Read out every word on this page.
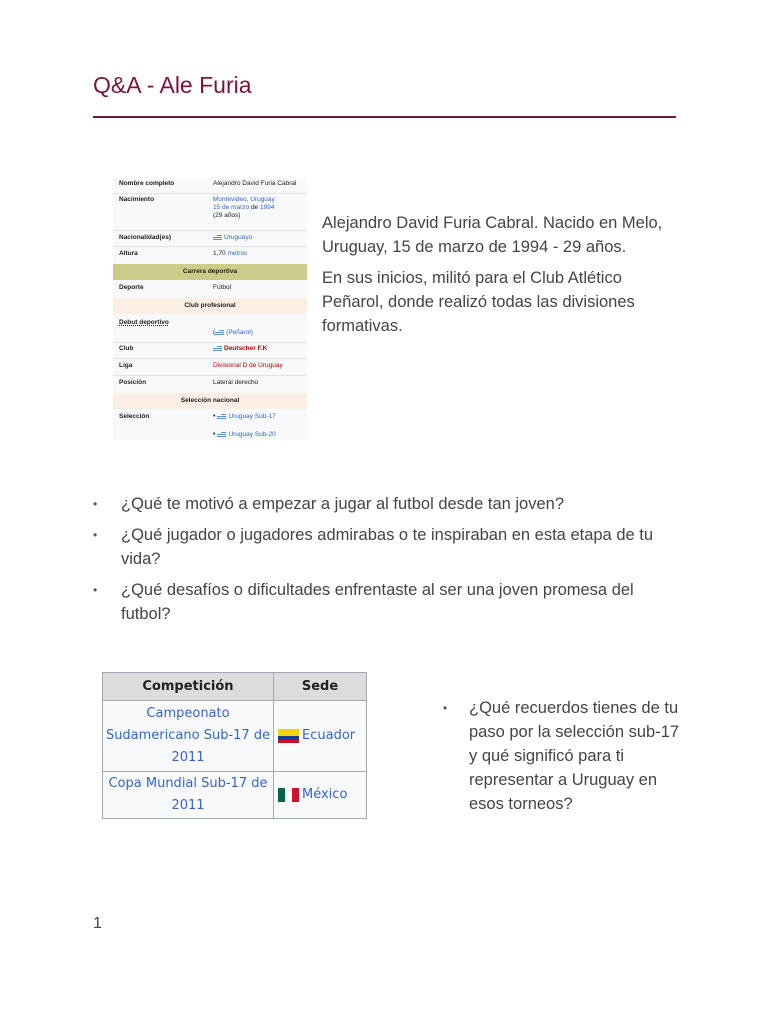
Q&A - Ale Furia
Nombre completo	Alejandro David Furia Cabral
Nacimiento	Montevideo, Uruguay
15 de marzo de 1994
(29 años)
Nacionalidad(es)	Uruguayo
Altura	1,70 metros
Carrera deportiva
Deporte	Fútbol
Club profesional
Debut deportivo
( (Peñarol)
Club	Deutscher F.K
Liga	Divisional D de Uruguay
Posición	Lateral derecho
Selección nacional
Selección	• Uruguay Sub-17

• Uruguay Sub-20

Alejandro David Furia Cabral. Nacido en Melo, Uruguay, 15 de marzo de 1994 - 29 años.

En sus inicios, militó para el Club Atlético Peñarol, donde realizó todas las divisiones formativas.

• ¿Qué te motivó a empezar a jugar al futbol desde tan joven?
• ¿Qué jugador o jugadores admirabas o te inspiraban en esta etapa de tu vida?
• ¿Qué desafíos o dificultades enfrentaste al ser una joven promesa del futbol?
Competición	Sede
Campeonato Sudamericano Sub-17 de 2011	Ecuador
Copa Mundial Sub-17 de 2011	México
• ¿Qué recuerdos tienes de tu paso por la selección sub-17 y qué significó para ti representar a Uruguay en esos torneos?
1
